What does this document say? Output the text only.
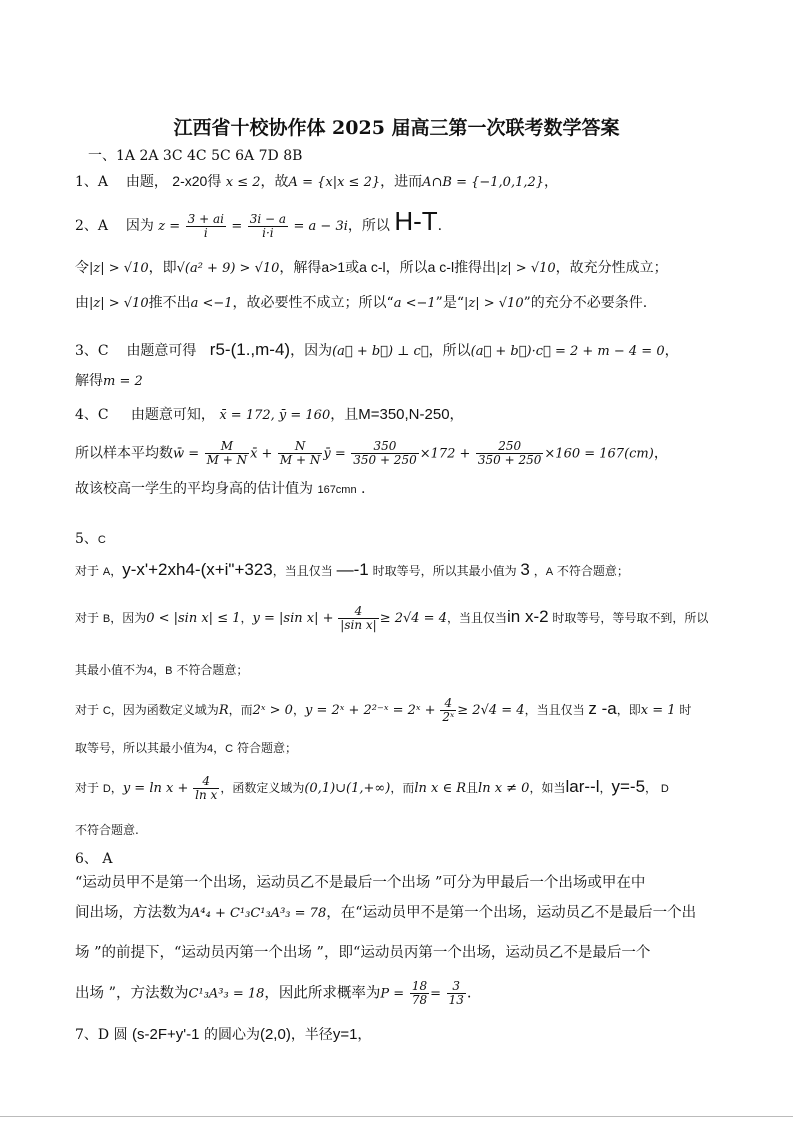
江西省十校协作体 2025 届高三第一次联考数学答案
一、1A 2A 3C 4C 5C 6A 7D 8B
1、A 由题， 2-x20得 x ≤ 2，故A = {x|x ≤ 2}，进而A∩B = {−1,0,1,2}，
2、A 因为 $z = \frac{3 + ai}{i} = \frac{3i - a}{i\cdot i} = a - 3i$，所以 H-T.
令|z| > √10，即√(a² + 9) > √10，解得a>1或a c-l，所以a c-l推得出|z| > √10，故充分性成立；
由|z| > √10推不出a <−1，故必要性不成立；所以“a <−1”是“|z| > √10”的充分不必要条件.
3、C 由题意可得 r5-(1.,m-4)，因为(a⃗ + b⃗) ⊥ c⃗，所以(a⃗ + b⃗)·c⃗ = 2 + m − 4 = 0，
解得m = 2
4、C 由题意可知， x̄ = 172, ȳ = 160，且M=350,N-250，
所以样本平均数w̄ = $\frac{M}{M + N}$ x̄ + $\frac{N}{M + N}$ ȳ = $\frac{350}{350 + 250} \times 172 + \frac{250}{350 + 250} \times 160 = 167(cm)$，
故该校高一学生的平均身高的估计值为 167cmn .
5、C
对于 A，y-x'+2xh4-(x+i"+323，当且仅当 —-1 时取等号，所以其最小值为 3 ，A 不符合题意；
对于 B，因为0 < |sin x| ≤ 1，y = |sin $x| + \frac{4}{\text{|sin x|}} \ge 2√4 = 4$，当且仅当in x-2 时取等号，等号取不到，所以
其最小值不为4，B 不符合题意；
对于 C，因为函数定义域为R，而2ˣ > 0，y = 2ˣ + 2²⁻ˣ = 2ˣ + $\frac{4}{\text{2ˣ}} \ge 2√4 = 4$，当且仅当 z -a，即x = 1 时
取等号，所以其最小值为4，C 符合题意；
对于 D，$y = \ln x + \frac{4}{\text{ln x}}$ ，函数定义域为(0,1)∪(1,+∞)，而ln x ∈ R且ln x ≠ 0，如当lar--l，y=-5， D
不符合题意.
6、 A
“运动员甲不是第一个出场，运动员乙不是最后一个出场 ”可分为甲最后一个出场或甲在中
间出场，方法数为A⁴₄ + C¹₃C¹₃A³₃ = 78，在“运动员甲不是第一个出场，运动员乙不是最后一个出
场 ”的前提下，“运动员丙第一个出场 ”，即“运动员丙第一个出场，运动员乙不是最后一个
出场 ”，方法数为C¹₃A³₃ = 18，因此所求概率为$P = \frac{18}{78} = \frac{3}{13}$ .
7、D 圆 (s-2F+y'-1 的圆心为(2,0)，半径y=1，
